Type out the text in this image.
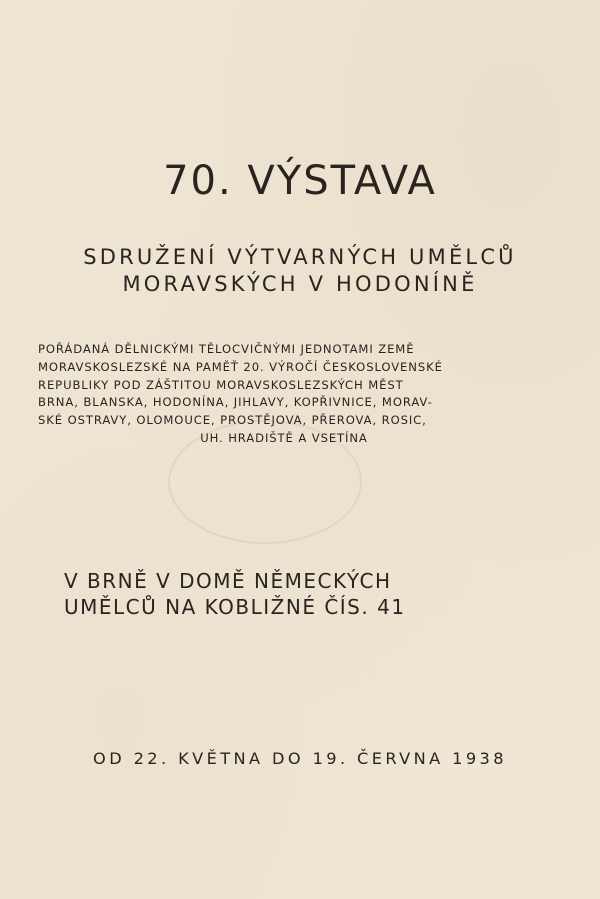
70. VÝSTAVA
SDRUŽENÍ VÝTVARNÝCH UMĚLCŮ
MORAVSKÝCH V HODONÍNĚ
POŘÁDANÁ DĚLNICKÝMI TĚLOCVIČNÝMI JEDNOTAMI ZEMĚ
MORAVSKOSLEZSKÉ NA PAMĚŤ 20. VÝROČÍ ČESKOSLOVENSKÉ
REPUBLIKY POD ZÁŠTITOU MORAVSKOSLEZSKÝCH MĚST
BRNA, BLANSKA, HODONÍNA, JIHLAVY, KOPŘIVNICE, MORAV-
SKÉ OSTRAVY, OLOMOUCE, PROSTĚJOVA, PŘEROVA, ROSIC,
UH. HRADIŠTĚ A VSETÍNA
V BRNĚ V DOMĚ NĚMECKÝCH
UMĚLCŮ NA KOBLIŽNÉ ČÍS. 41
OD 22. KVĚTNA DO 19. ČERVNA 1938
